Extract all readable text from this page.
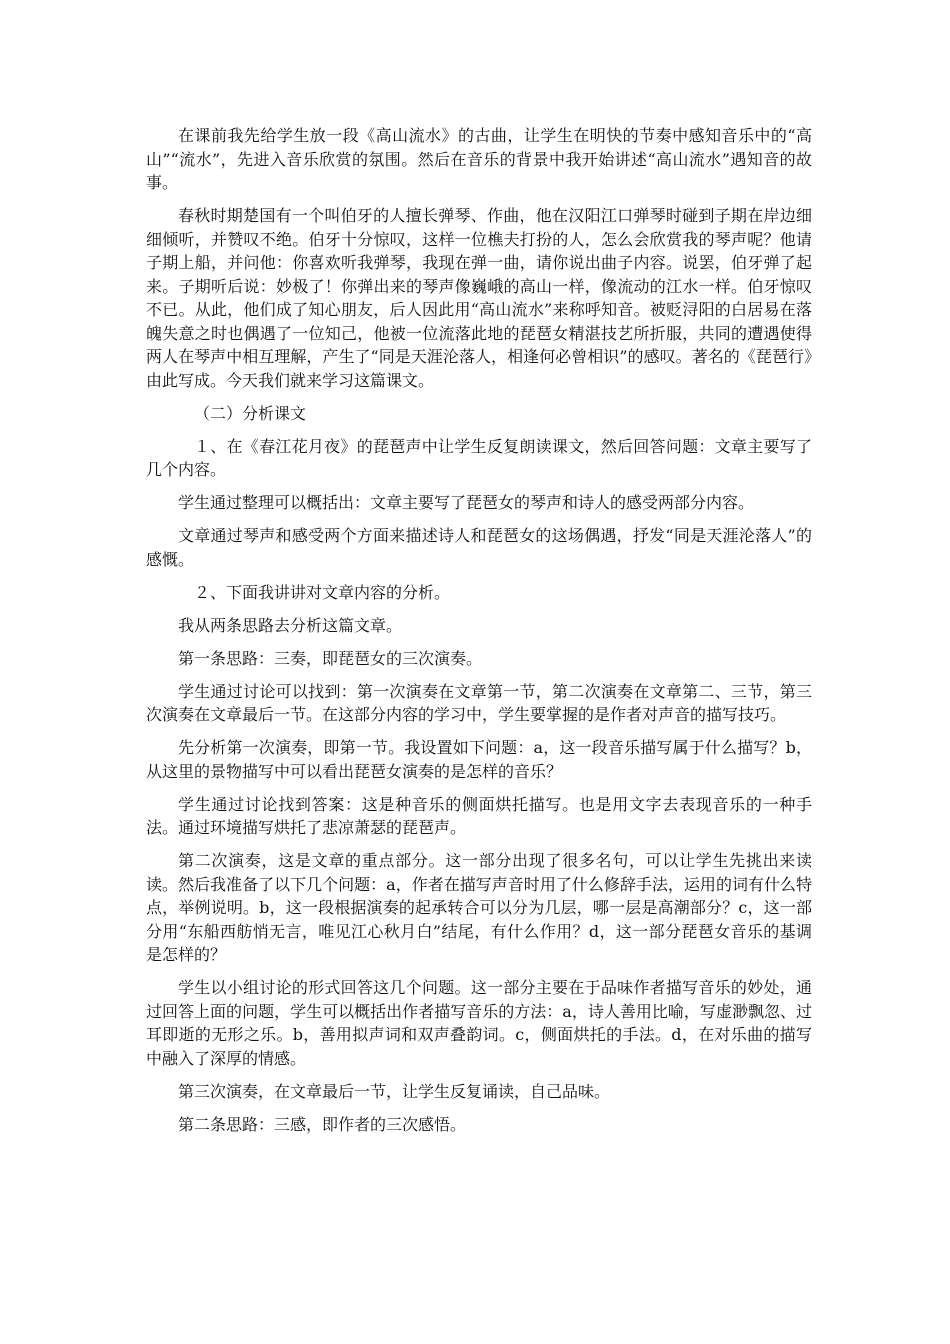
在课前我先给学生放一段《高山流水》的古曲，让学生在明快的节奏中感知音乐中的“高山”“流水”，先进入音乐欣赏的氛围。然后在音乐的背景中我开始讲述“高山流水”遇知音的故事。

春秋时期楚国有一个叫伯牙的人擅长弹琴、作曲，他在汉阳江口弹琴时碰到子期在岸边细细倾听，并赞叹不绝。伯牙十分惊叹，这样一位樵夫打扮的人，怎么会欣赏我的琴声呢？他请子期上船，并问他：你喜欢听我弹琴，我现在弹一曲，请你说出曲子内容。说罢，伯牙弹了起来。子期听后说：妙极了！你弹出来的琴声像巍峨的高山一样，像流动的江水一样。伯牙惊叹不已。从此，他们成了知心朋友，后人因此用“高山流水”来称呼知音。被贬浔阳的白居易在落魄失意之时也偶遇了一位知己，他被一位流落此地的琵琶女精湛技艺所折服，共同的遭遇使得两人在琴声中相互理解，产生了“同是天涯沦落人，相逢何必曾相识”的感叹。著名的《琵琶行》由此写成。今天我们就来学习这篇课文。

（二）分析课文

１、在《春江花月夜》的琵琶声中让学生反复朗读课文，然后回答问题：文章主要写了几个内容。

学生通过整理可以概括出：文章主要写了琵琶女的琴声和诗人的感受两部分内容。

文章通过琴声和感受两个方面来描述诗人和琵琶女的这场偶遇，抒发“同是天涯沦落人”的感慨。

２、下面我讲讲对文章内容的分析。

我从两条思路去分析这篇文章。

第一条思路：三奏，即琵琶女的三次演奏。

学生通过讨论可以找到：第一次演奏在文章第一节，第二次演奏在文章第二、三节，第三次演奏在文章最后一节。在这部分内容的学习中，学生要掌握的是作者对声音的描写技巧。

先分析第一次演奏，即第一节。我设置如下问题：a，这一段音乐描写属于什么描写？b，从这里的景物描写中可以看出琵琶女演奏的是怎样的音乐？

学生通过讨论找到答案：这是种音乐的侧面烘托描写。也是用文字去表现音乐的一种手法。通过环境描写烘托了悲凉萧瑟的琵琶声。

第二次演奏，这是文章的重点部分。这一部分出现了很多名句，可以让学生先挑出来读读。然后我准备了以下几个问题：a，作者在描写声音时用了什么修辞手法，运用的词有什么特点，举例说明。b，这一段根据演奏的起承转合可以分为几层，哪一层是高潮部分？c，这一部分用“东船西舫悄无言，唯见江心秋月白”结尾，有什么作用？d，这一部分琵琶女音乐的基调是怎样的？

学生以小组讨论的形式回答这几个问题。这一部分主要在于品味作者描写音乐的妙处，通过回答上面的问题，学生可以概括出作者描写音乐的方法：a，诗人善用比喻，写虚渺飘忽、过耳即逝的无形之乐。b，善用拟声词和双声叠韵词。c，侧面烘托的手法。d，在对乐曲的描写中融入了深厚的情感。

第三次演奏，在文章最后一节，让学生反复诵读，自己品味。

第二条思路：三感，即作者的三次感悟。
